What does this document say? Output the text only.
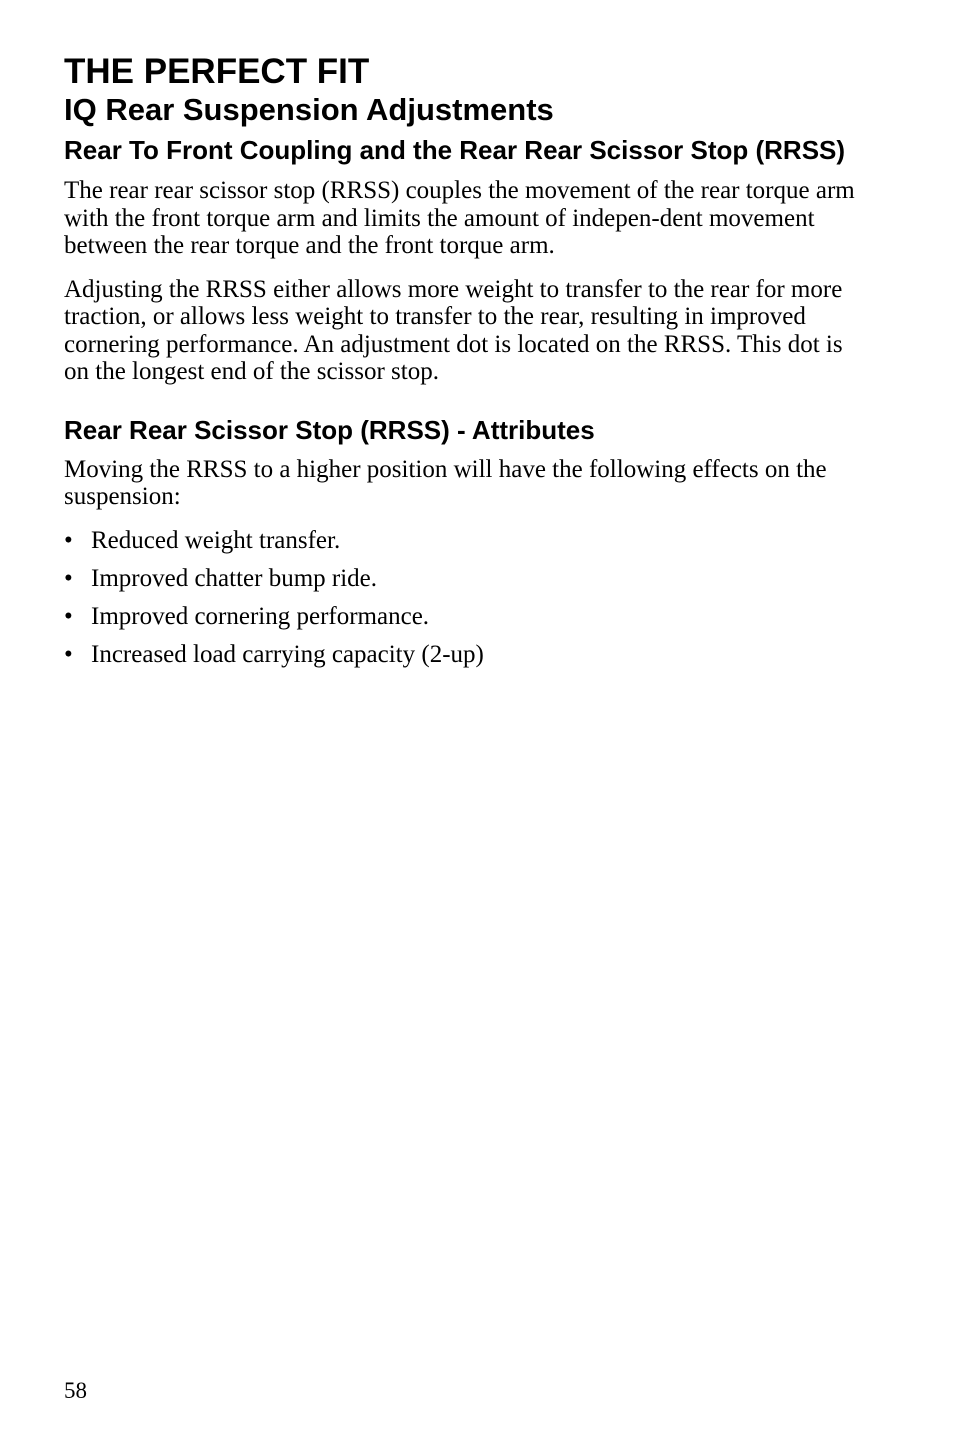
THE PERFECT FIT
IQ Rear Suspension Adjustments
Rear To Front Coupling and the Rear Rear Scissor Stop (RRSS)

The rear rear scissor stop (RRSS) couples the movement of the rear torque arm with the front torque arm and limits the amount of indepen-dent movement between the rear torque and the front torque arm.

Adjusting the RRSS either allows more weight to transfer to the rear for more traction, or allows less weight to transfer to the rear, resulting in improved cornering performance. An adjustment dot is located on the RRSS. This dot is on the longest end of the scissor stop.

Rear Rear Scissor Stop (RRSS) - Attributes

Moving the RRSS to a higher position will have the following effects on the suspension:

• Reduced weight transfer.
• Improved chatter bump ride.
• Improved cornering performance.
• Increased load carrying capacity (2-up)
58
